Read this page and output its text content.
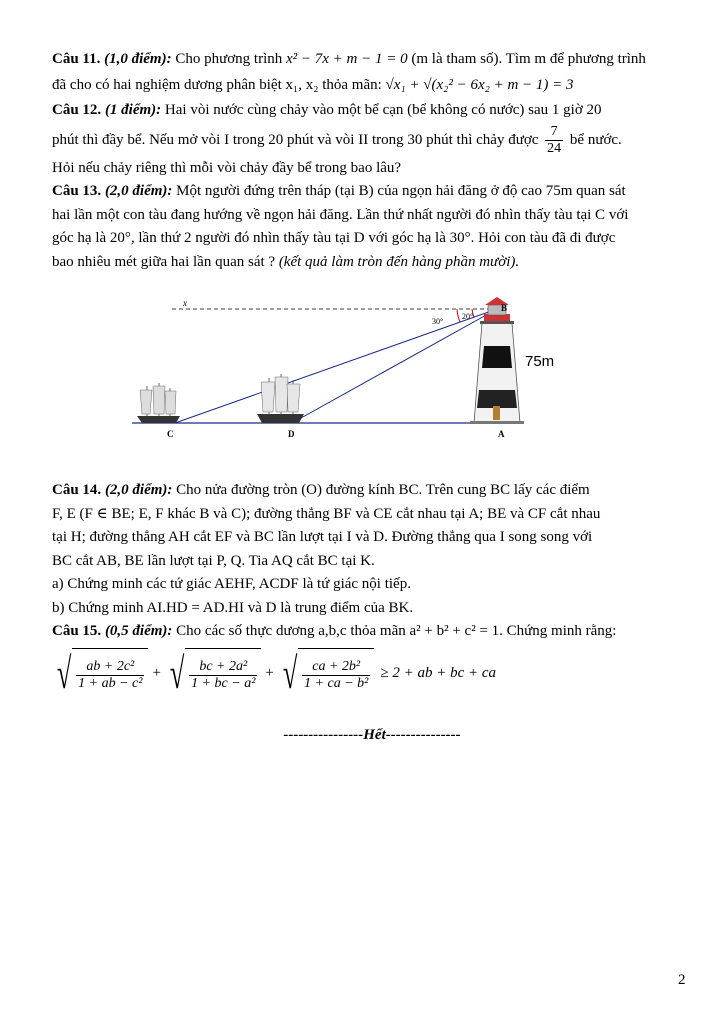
Câu 11. (1,0 điểm): Cho phương trình x² − 7x + m − 1 = 0 (m là tham số). Tìm m để phương trình

đã cho có hai nghiệm dương phân biệt x₁, x₂ thỏa mãn: √x₁ + √(x₂² − 6x₂ + m − 1) = 3

Câu 12. (1 điểm): Hai vòi nước cùng chảy vào một bể cạn (bể không có nước) sau 1 giờ 20

phút thì đầy bể. Nếu mở vòi I trong 20 phút và vòi II trong 30 phút thì chảy được $\frac{7}{24}$ bể nước.

Hỏi nếu chảy riêng thì mỗi vòi chảy đầy bể trong bao lâu?

Câu 13. (2,0 điểm): Một người đứng trên tháp (tại B) của ngọn hải đăng ở độ cao 75m quan sát

hai lần một con tàu đang hướng về ngọn hải đăng. Lần thứ nhất người đó nhìn thấy tàu tại C với

góc hạ là 20°, lần thứ 2 người đó nhìn thấy tàu tại D với góc hạ là 30°. Hỏi con tàu đã đi được

bao nhiêu mét giữa hai lần quan sát ? (kết quả làm tròn đến hàng phần mười).

x
C	D	A
B
30°
20°
75m

Câu 14. (2,0 điểm): Cho nửa đường tròn (O) đường kính BC. Trên cung BC lấy các điểm

F, E (F ∈ BE; E, F khác B và C); đường thẳng BF và CE cắt nhau tại A; BE và CF cắt nhau

tại H; đường thẳng AH cắt EF và BC lần lượt tại I và D. Đường thẳng qua I song song với

BC cắt AB, BE lần lượt tại P, Q. Tia AQ cắt BC tại K.

a) Chứng minh các tứ giác AEHF, ACDF là tứ giác nội tiếp.

b) Chứng minh AI.HD = AD.HI và D là trung điểm của BK.

Câu 15. (0,5 điểm): Cho các số thực dương a,b,c thỏa mãn a² + b² + c² = 1. Chứng minh rằng:

√ $\frac{\text{ab + 2c²}}{\text{1 + ab − c²}}$ + √ $\frac{\text{bc + 2a²}}{\text{1 + bc − a²}}$ + √ $\frac{\text{ca + 2b²}}{\text{1 + ca − b²}} \ge 2$ + ab + bc + ca

----------------Hết---------------

2
